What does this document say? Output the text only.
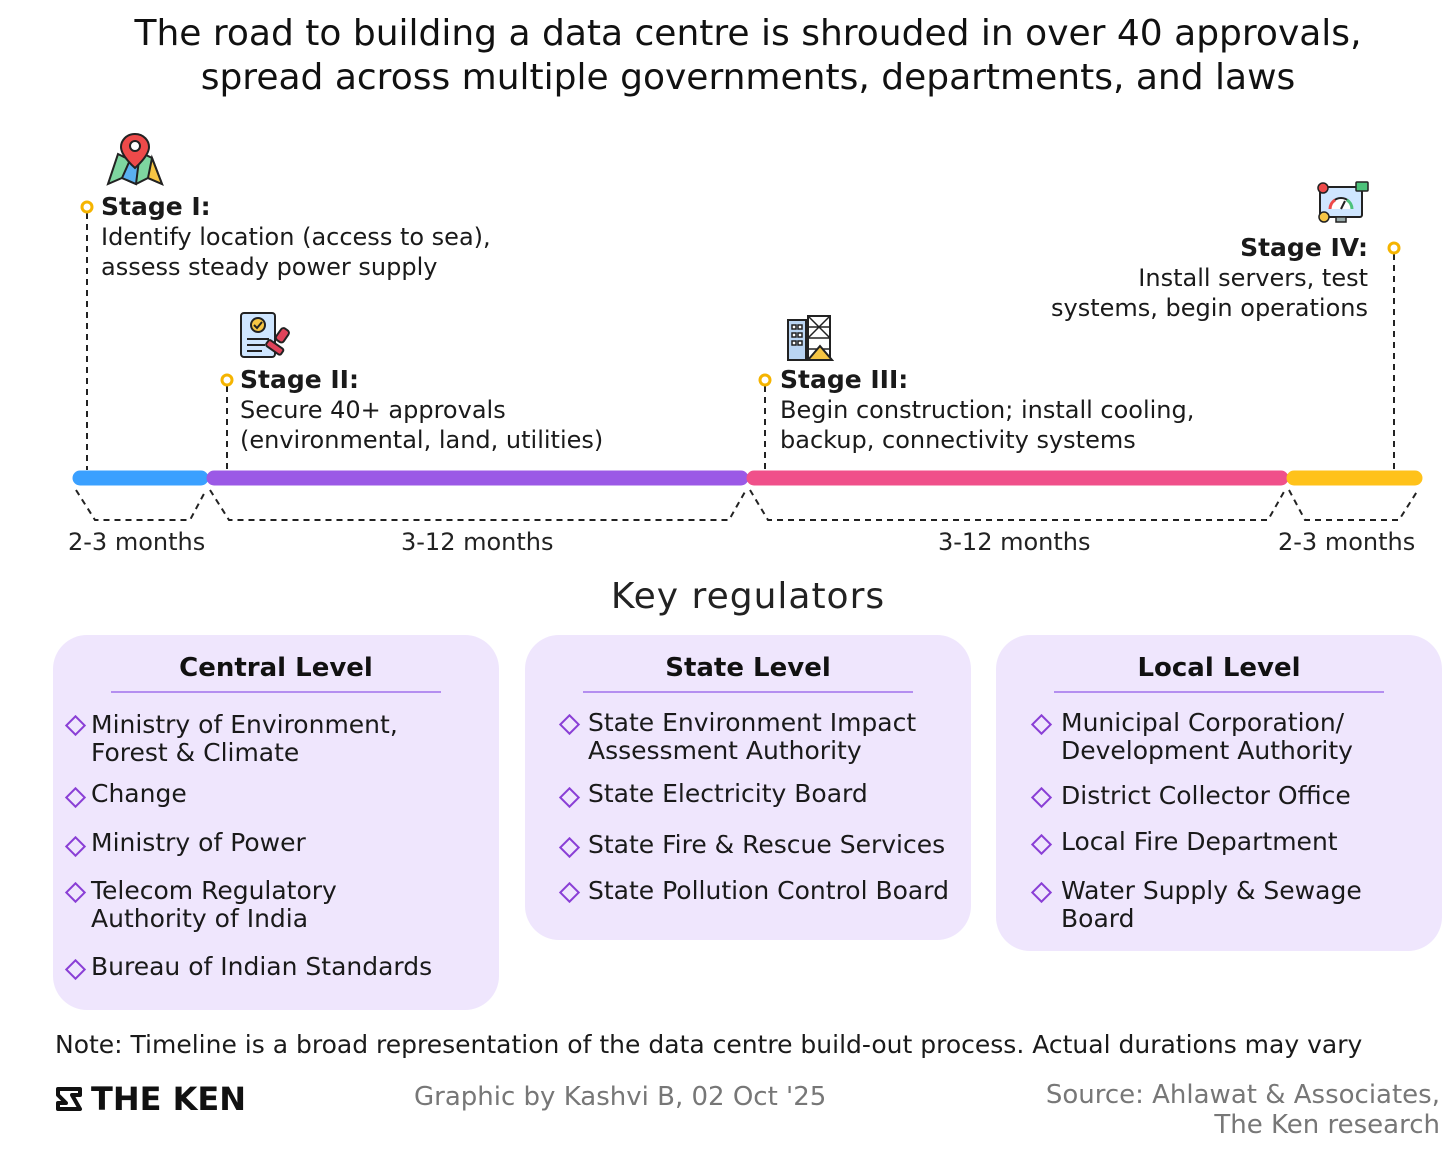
The road to building a data centre is shrouded in over 40 approvals,
spread across multiple governments, departments, and laws
Stage I:
Identify location (access to sea),
assess steady power supply
Stage II:
Secure 40+ approvals
(environmental, land, utilities)
Stage III:
Begin construction; install cooling,
backup, connectivity systems
Stage IV:
Install servers, test
systems, begin operations
2-3 months	3-12 months	3-12 months	2-3 months
Key regulators
Central Level
Ministry of Environment,
Forest & Climate
Change
Ministry of Power
Telecom Regulatory
Authority of India
Bureau of Indian Standards
State Level
State Environment Impact
Assessment Authority
State Electricity Board
State Fire & Rescue Services
State Pollution Control Board
Local Level
Municipal Corporation/
Development Authority
District Collector Office
Local Fire Department
Water Supply & Sewage
Board
Note: Timeline is a broad representation of the data centre build-out process. Actual durations may vary
THE KEN	Graphic by Kashvi B, 02 Oct '25	Source: Ahlawat & Associates,
The Ken research
